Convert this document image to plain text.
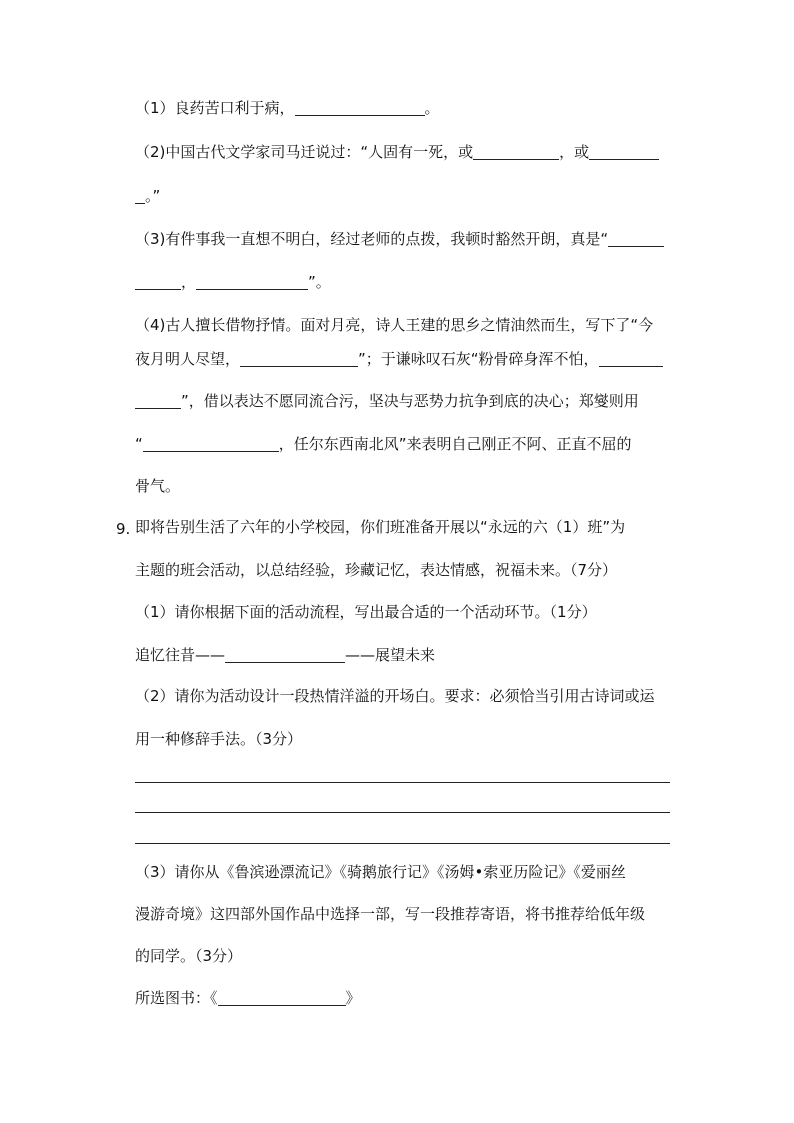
（1）良药苦口利于病，	。
（2)中国古代文学家司马迁说过：“人固有一死，或	，或
。”
（3)有件事我一直想不明白，经过老师的点拨，我顿时豁然开朗，真是“
，	”。
（4)古人擅长借物抒情。面对月亮，诗人王建的思乡之情油然而生，写下了“今
夜月明人尽望，	”；于谦咏叹石灰“粉骨碎身浑不怕，
”，借以表达不愿同流合污，坚决与恶势力抗争到底的决心；郑燮则用
“	，任尔东西南北风”来表明自己刚正不阿、正直不屈的
骨气。
9. 即将告别生活了六年的小学校园，你们班准备开展以“永远的六（1）班”为
主题的班会活动，以总结经验，珍藏记忆，表达情感，祝福未来。（7分）
（1）请你根据下面的活动流程，写出最合适的一个活动环节。（1分）
追忆往昔——	——展望未来
（2）请你为活动设计一段热情洋溢的开场白。要求：必须恰当引用古诗词或运
用一种修辞手法。（3分）
（3）请你从《鲁滨逊漂流记》《骑鹅旅行记》《汤姆•索亚历险记》《爱丽丝
漫游奇境》这四部外国作品中选择一部，写一段推荐寄语，将书推荐给低年级
的同学。（3分）
所选图书：《	》
